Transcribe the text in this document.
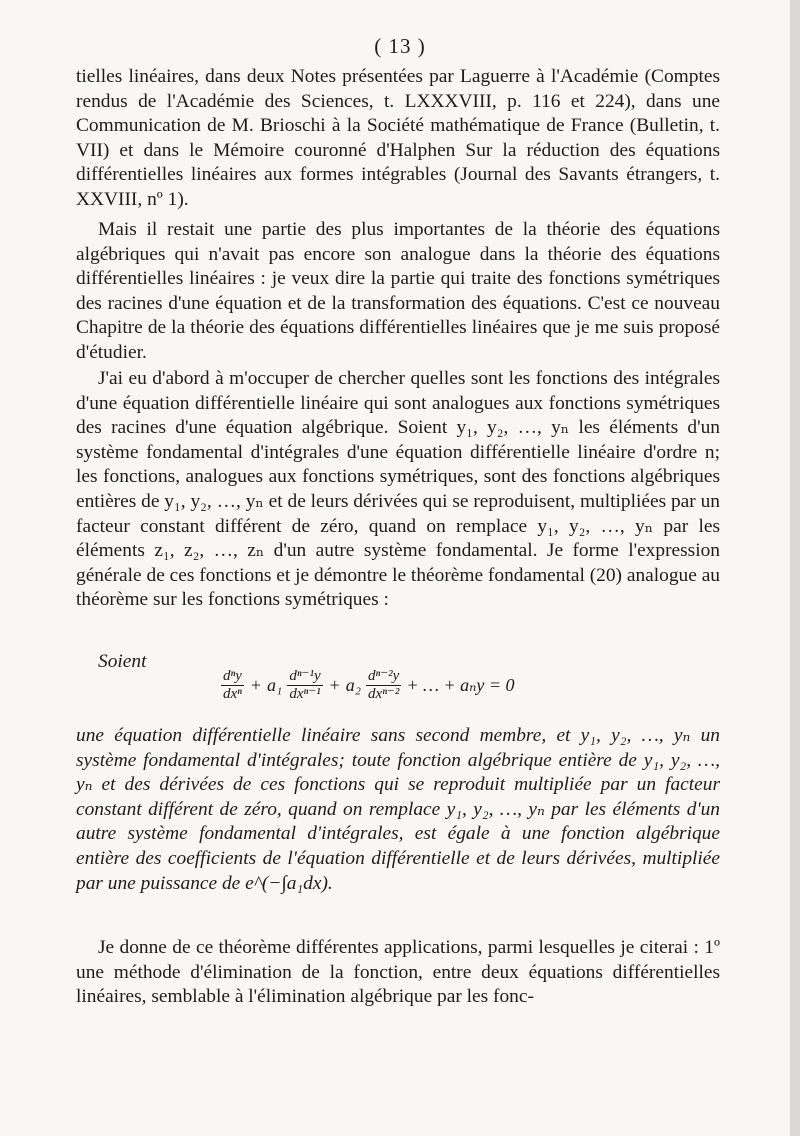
( 13 )

tielles linéaires, dans deux Notes présentées par Laguerre à l'Académie (Comptes rendus de l'Académie des Sciences, t. LXXXVIII, p. 116 et 224), dans une Communication de M. Brioschi à la Société mathématique de France (Bulletin, t. VII) et dans le Mémoire couronné d'Halphen Sur la réduction des équations différentielles linéaires aux formes intégrables (Journal des Savants étrangers, t. XXVIII, nº 1).

Mais il restait une partie des plus importantes de la théorie des équations algébriques qui n'avait pas encore son analogue dans la théorie des équations différentielles linéaires : je veux dire la partie qui traite des fonctions symétriques des racines d'une équation et de la transformation des équations. C'est ce nouveau Chapitre de la théorie des équations différentielles linéaires que je me suis proposé d'étudier.

J'ai eu d'abord à m'occuper de chercher quelles sont les fonctions des intégrales d'une équation différentielle linéaire qui sont analogues aux fonctions symétriques des racines d'une équation algébrique. Soient y₁, y₂, …, yₙ les éléments d'un système fondamental d'intégrales d'une équation différentielle linéaire d'ordre n; les fonctions, analogues aux fonctions symétriques, sont des fonctions algébriques entières de y₁, y₂, …, yₙ et de leurs dérivées qui se reproduisent, multipliées par un facteur constant différent de zéro, quand on remplace y₁, y₂, …, yₙ par les éléments z₁, z₂, …, zₙ d'un autre système fondamental. Je forme l'expression générale de ces fonctions et je démontre le théorème fondamental (20) analogue au théorème sur les fonctions symétriques :

Soient

$\frac{\text{dⁿy}}{\text{dxⁿ}} + a_1 \frac{\text{dⁿ⁻¹y}}{\text{dxⁿ⁻¹}} + a_2 \frac{\text{dⁿ⁻²y}}{\text{dxⁿ⁻²}}$ + … + aₙy = 0

une équation différentielle linéaire sans second membre, et y₁, y₂, …, yₙ un système fondamental d'intégrales; toute fonction algébrique entière de y₁, y₂, …, yₙ et des dérivées de ces fonctions qui se reproduit multipliée par un facteur constant différent de zéro, quand on remplace y₁, y₂, …, yₙ par les éléments d'un autre système fondamental d'intégrales, est égale à une fonction algébrique entière des coefficients de l'équation différentielle et de leurs dérivées, multipliée par une puissance de e^(−∫a₁dx).

Je donne de ce théorème différentes applications, parmi lesquelles je citerai : 1º une méthode d'élimination de la fonction, entre deux équations différentielles linéaires, semblable à l'élimination algébrique par les fonc-
